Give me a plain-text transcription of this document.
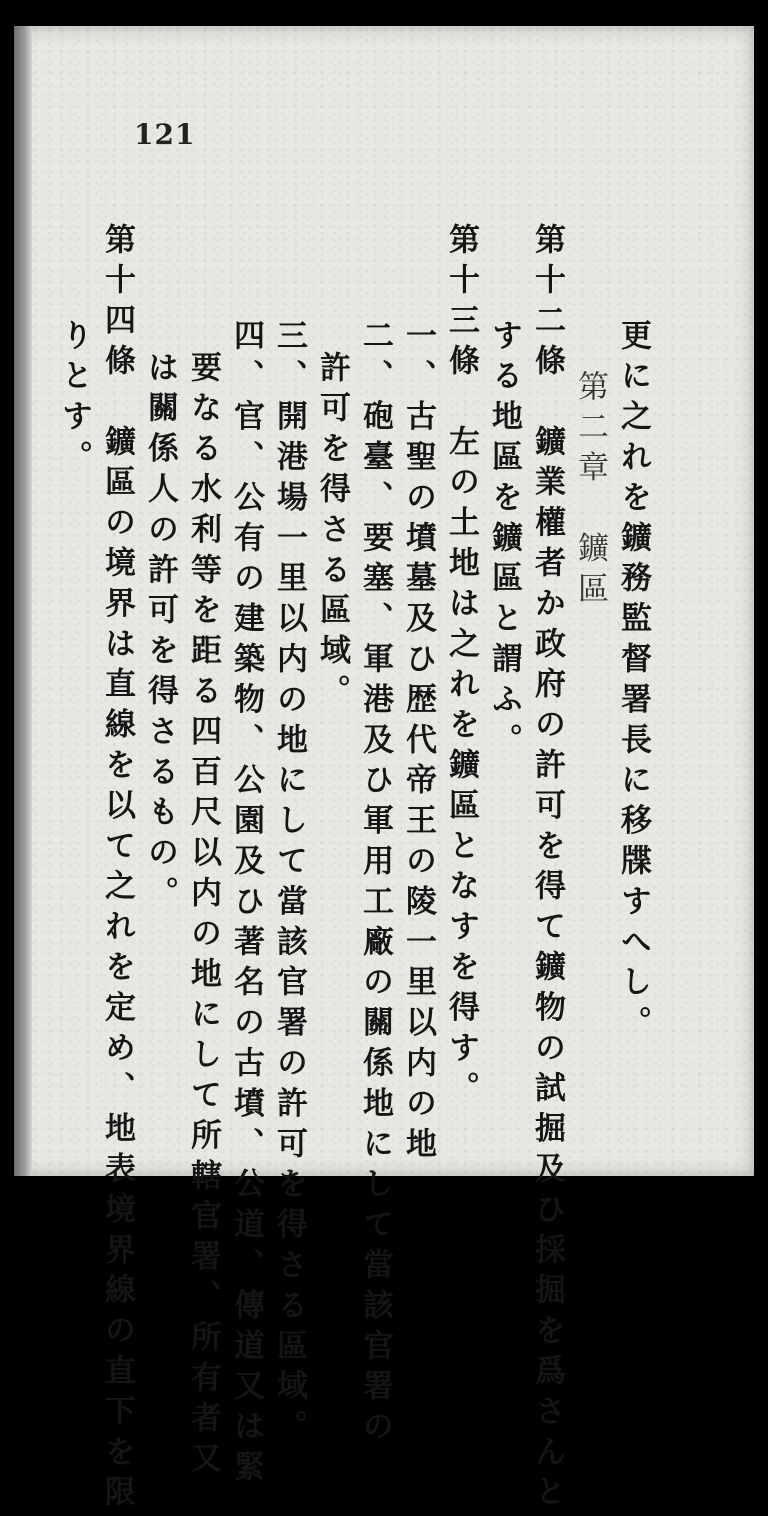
121
更に之れを鑛務監督署長に移牒すへし。
第二章　鑛區
第十二條　鑛業權者か政府の許可を得て鑛物の試掘及ひ採掘を爲さんと
する地區を鑛區と謂ふ。
第十三條　左の土地は之れを鑛區となすを得す。
一、古聖の墳墓及ひ歴代帝王の陵一里以内の地
二、砲臺、要塞、軍港及ひ軍用工廠の關係地にして當該官署の
許可を得さる區域。
三、開港場一里以内の地にして當該官署の許可を得さる區域。
四、官、公有の建築物、公園及ひ著名の古墳、公道、傳道又は緊
要なる水利等を距る四百尺以内の地にして所轄官署、所有者又
は關係人の許可を得さるもの。
第十四條　鑛區の境界は直線を以て之れを定め、地表境界線の直下を限
りとす。
